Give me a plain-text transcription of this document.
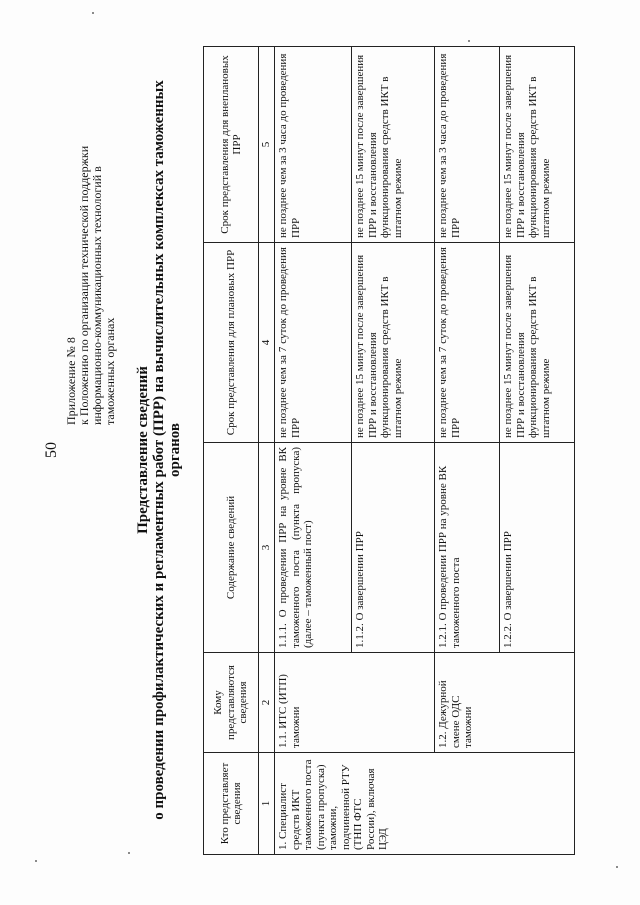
50
Приложение № 8 к Положению по организации технической поддержки информационно-коммуникационных технологий в таможенных органах Представление сведений о проведении профилактических и регламентных работ (ПРР) на вычислительных комплексах таможенных органов
Кто представляет сведения	Кому представляются сведения	Содержание сведений	Срок представления для плановых ПРР	Срок представления для внеплановых ПРР
1	2	3	4	5
1. Специалист средств ИКТ таможенного поста (пункта пропуска) таможни, подчиненной РТУ (ТНП ФТС России), включая ЦЭД	1.1. ИТС (ИТП) таможни	1.1.1. О проведении ПРР на уровне ВК таможенного поста (пункта пропуска) (далее – таможенный пост)	не позднее чем за 7 суток до проведения ПРР	не позднее чем за 3 часа до проведения ПРР
		1.1.2. О завершении ПРР	не позднее 15 минут после завершения ПРР и восстановления функционирования средств ИКТ в штатном режиме	не позднее 15 минут после завершения ПРР и восстановления функционирования средств ИКТ в штатном режиме
	1.2. Дежурной смене ОДС таможни	1.2.1. О проведении ПРР на уровне ВК таможенного поста	не позднее чем за 7 суток до проведения ПРР	не позднее чем за 3 часа до проведения ПРР
		1.2.2. О завершении ПРР	не позднее 15 минут после завершения ПРР и восстановления функционирования средств ИКТ в штатном режиме	не позднее 15 минут после завершения ПРР и восстановления функционирования средств ИКТ в штатном режиме
